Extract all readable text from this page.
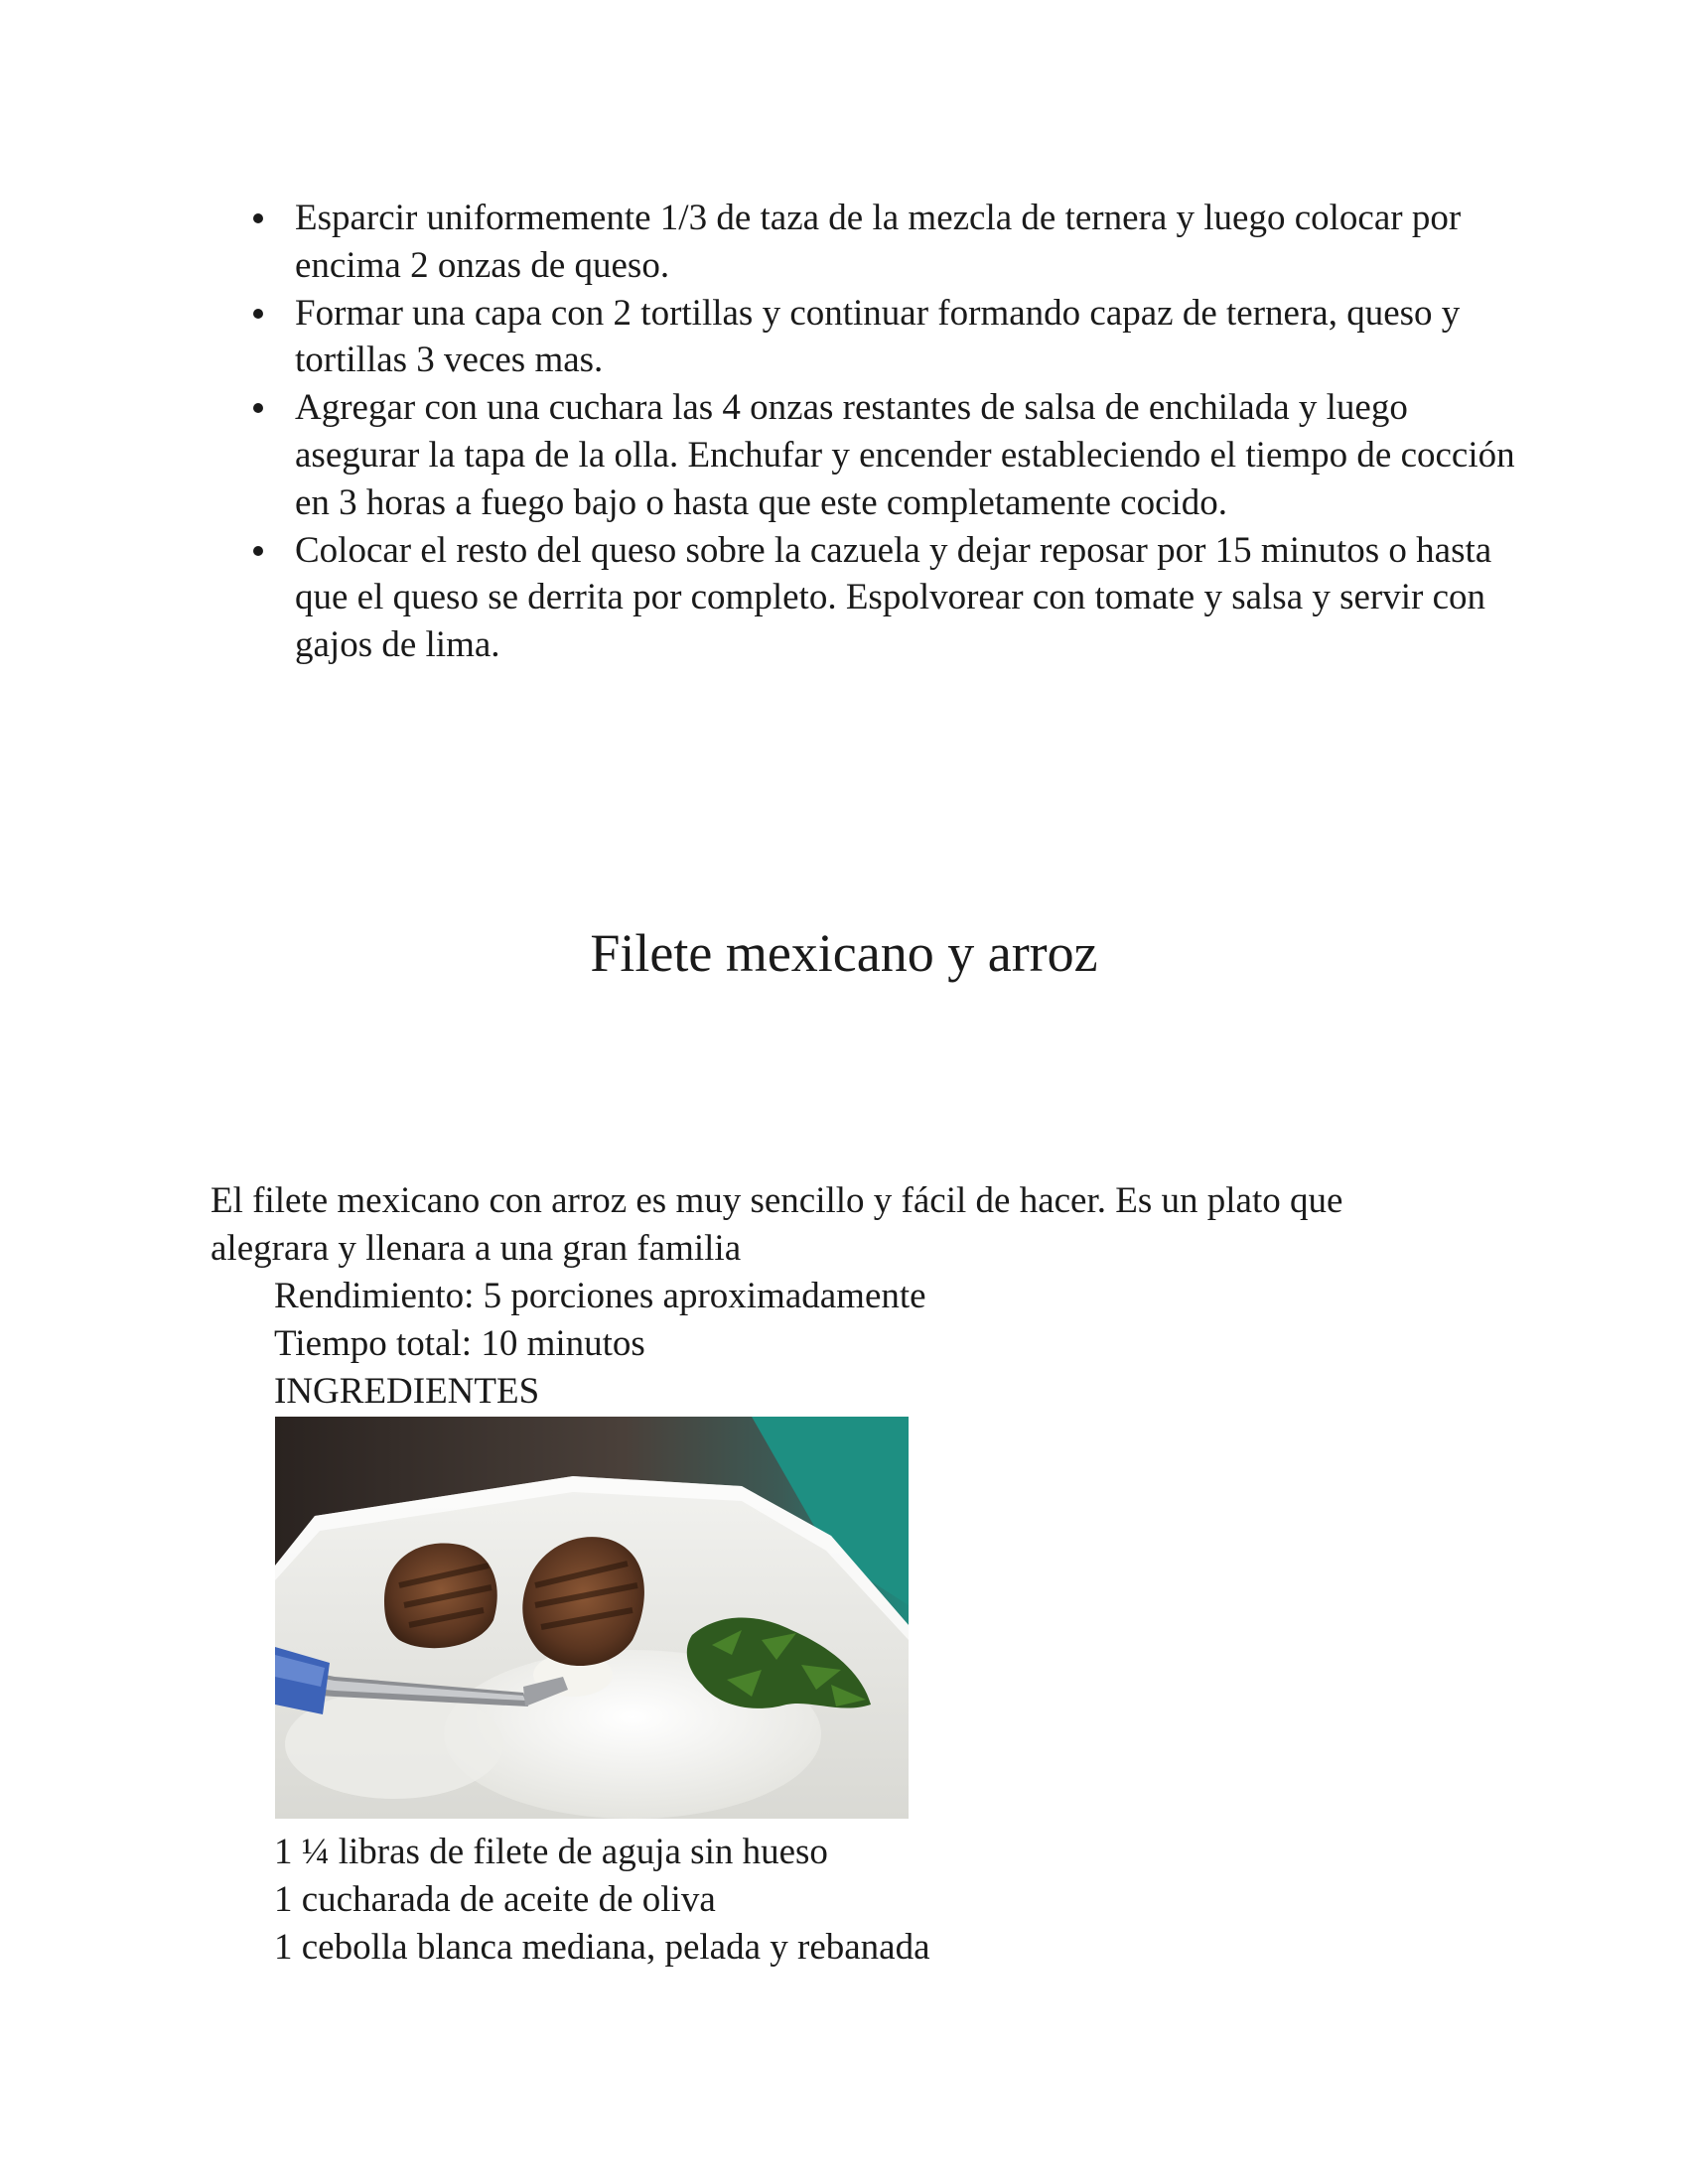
Esparcir uniformemente 1/3 de taza de la mezcla de ternera y luego colocar por encima 2 onzas de queso.
Formar una capa con 2 tortillas y continuar formando capaz de ternera, queso y tortillas 3 veces mas.
Agregar con una cuchara las 4 onzas restantes de salsa de enchilada y luego asegurar la tapa de la olla. Enchufar y encender estableciendo el tiempo de cocción en 3 horas a fuego bajo o hasta que este completamente cocido.
Colocar el resto del queso sobre la cazuela y dejar reposar por 15 minutos o hasta que el queso se derrita por completo. Espolvorear con tomate y salsa y servir con gajos de lima.
Filete mexicano y arroz

El filete mexicano con arroz es muy sencillo y fácil de hacer. Es un plato que alegrara y llenara a una gran familia

Rendimiento: 5 porciones aproximadamente
Tiempo total: 10 minutos
INGREDIENTES
1 ¼ libras de filete de aguja sin hueso
1 cucharada de aceite de oliva
1 cebolla blanca mediana, pelada y rebanada
